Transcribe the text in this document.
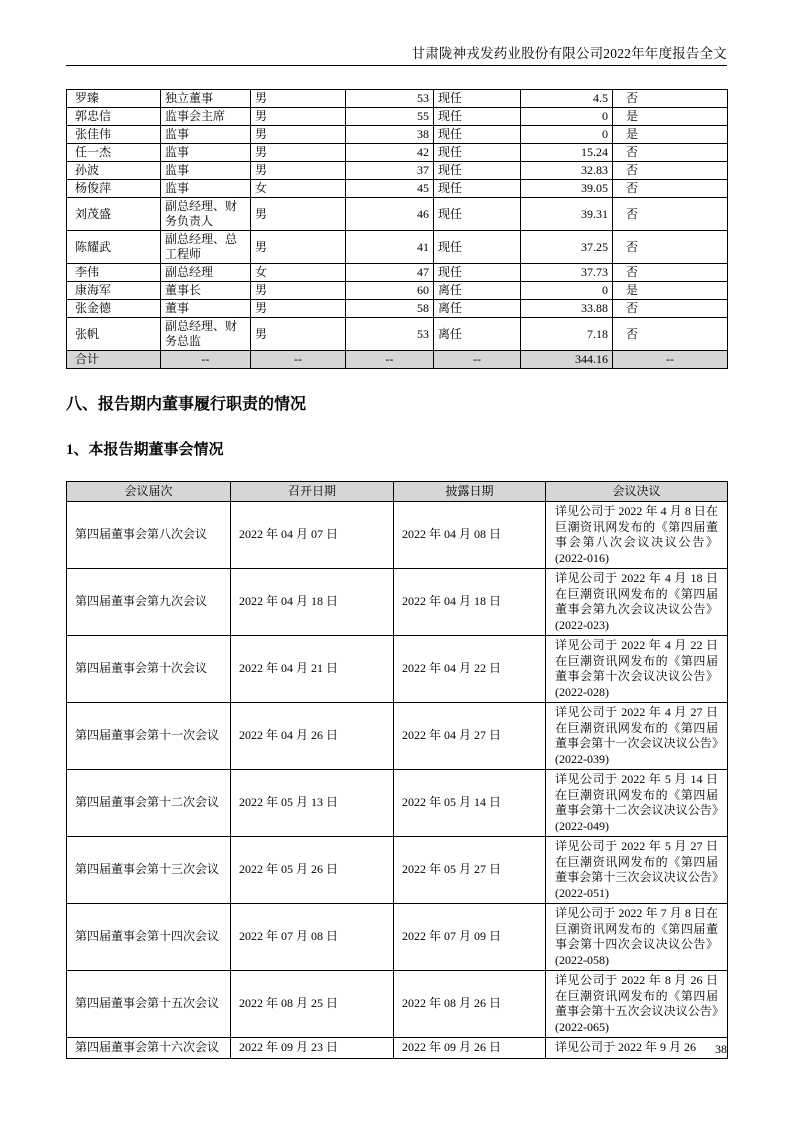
甘肃陇神戎发药业股份有限公司2022年年度报告全文
罗臻	独立董事	男	53	现任	4.5	否
郭忠信	监事会主席	男	55	现任	0	是
张佳伟	监事	男	38	现任	0	是
任一杰	监事	男	42	现任	15.24	否
孙波	监事	男	37	现任	32.83	否
杨俊萍	监事	女	45	现任	39.05	否
刘茂盛	副总经理、财务负责人	男	46	现任	39.31	否
陈耀武	副总经理、总工程师	男	41	现任	37.25	否
李伟	副总经理	女	47	现任	37.73	否
康海军	董事长	男	60	离任	0	是
张金德	董事	男	58	离任	33.88	否
张帆	副总经理、财务总监	男	53	离任	7.18	否
合计	--	--	--	--	344.16	--
八、报告期内董事履行职责的情况
1、本报告期董事会情况
会议届次	召开日期	披露日期	会议决议
第四届董事会第八次会议	2022 年 04 月 07 日	2022 年 04 月 08 日	详见公司于 2022 年 4 月 8 日在巨潮资讯网发布的《第四届董事会第八次会议决议公告》(2022-016)
第四届董事会第九次会议	2022 年 04 月 18 日	2022 年 04 月 18 日	详见公司于 2022 年 4 月 18 日在巨潮资讯网发布的《第四届董事会第九次会议决议公告》(2022-023)
第四届董事会第十次会议	2022 年 04 月 21 日	2022 年 04 月 22 日	详见公司于 2022 年 4 月 22 日在巨潮资讯网发布的《第四届董事会第十次会议决议公告》(2022-028)
第四届董事会第十一次会议	2022 年 04 月 26 日	2022 年 04 月 27 日	详见公司于 2022 年 4 月 27 日在巨潮资讯网发布的《第四届董事会第十一次会议决议公告》(2022-039)
第四届董事会第十二次会议	2022 年 05 月 13 日	2022 年 05 月 14 日	详见公司于 2022 年 5 月 14 日在巨潮资讯网发布的《第四届董事会第十二次会议决议公告》(2022-049)
第四届董事会第十三次会议	2022 年 05 月 26 日	2022 年 05 月 27 日	详见公司于 2022 年 5 月 27 日在巨潮资讯网发布的《第四届董事会第十三次会议决议公告》(2022-051)
第四届董事会第十四次会议	2022 年 07 月 08 日	2022 年 07 月 09 日	详见公司于 2022 年 7 月 8 日在巨潮资讯网发布的《第四届董事会第十四次会议决议公告》(2022-058)
第四届董事会第十五次会议	2022 年 08 月 25 日	2022 年 08 月 26 日	详见公司于 2022 年 8 月 26 日在巨潮资讯网发布的《第四届董事会第十五次会议决议公告》(2022-065)
第四届董事会第十六次会议	2022 年 09 月 23 日	2022 年 09 月 26 日	详见公司于 2022 年 9 月 26 38
